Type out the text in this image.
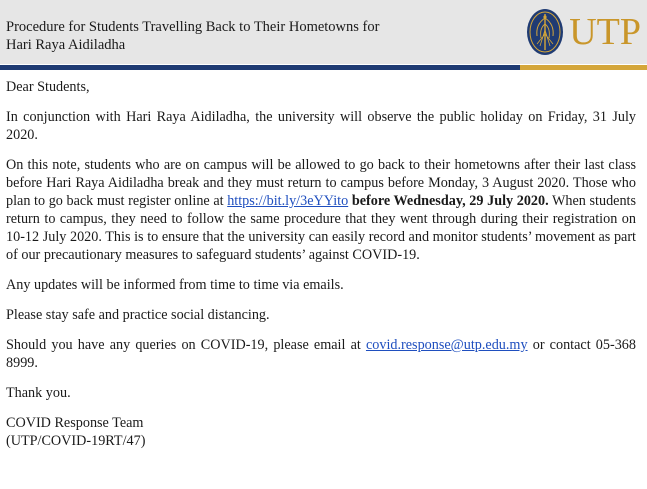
Procedure for Students Travelling Back to Their Hometowns for
Hari Raya Aidiladha	UTP

Dear Students,

In conjunction with Hari Raya Aidiladha, the university will observe the public holiday on Friday, 31 July 2020.

On this note, students who are on campus will be allowed to go back to their hometowns after their last class before Hari Raya Aidiladha break and they must return to campus before Monday, 3 August 2020. Those who plan to go back must register online at https://bit.ly/3eYYito before Wednesday, 29 July 2020. When students return to campus, they need to follow the same procedure that they went through during their registration on 10-12 July 2020. This is to ensure that the university can easily record and monitor students’ movement as part of our precautionary measures to safeguard students’ against COVID-19.

Any updates will be informed from time to time via emails.

Please stay safe and practice social distancing.

Should you have any queries on COVID-19, please email at covid.response@utp.edu.my or contact 05-368 8999.

Thank you.

COVID Response Team

(UTP/COVID-19RT/47)
